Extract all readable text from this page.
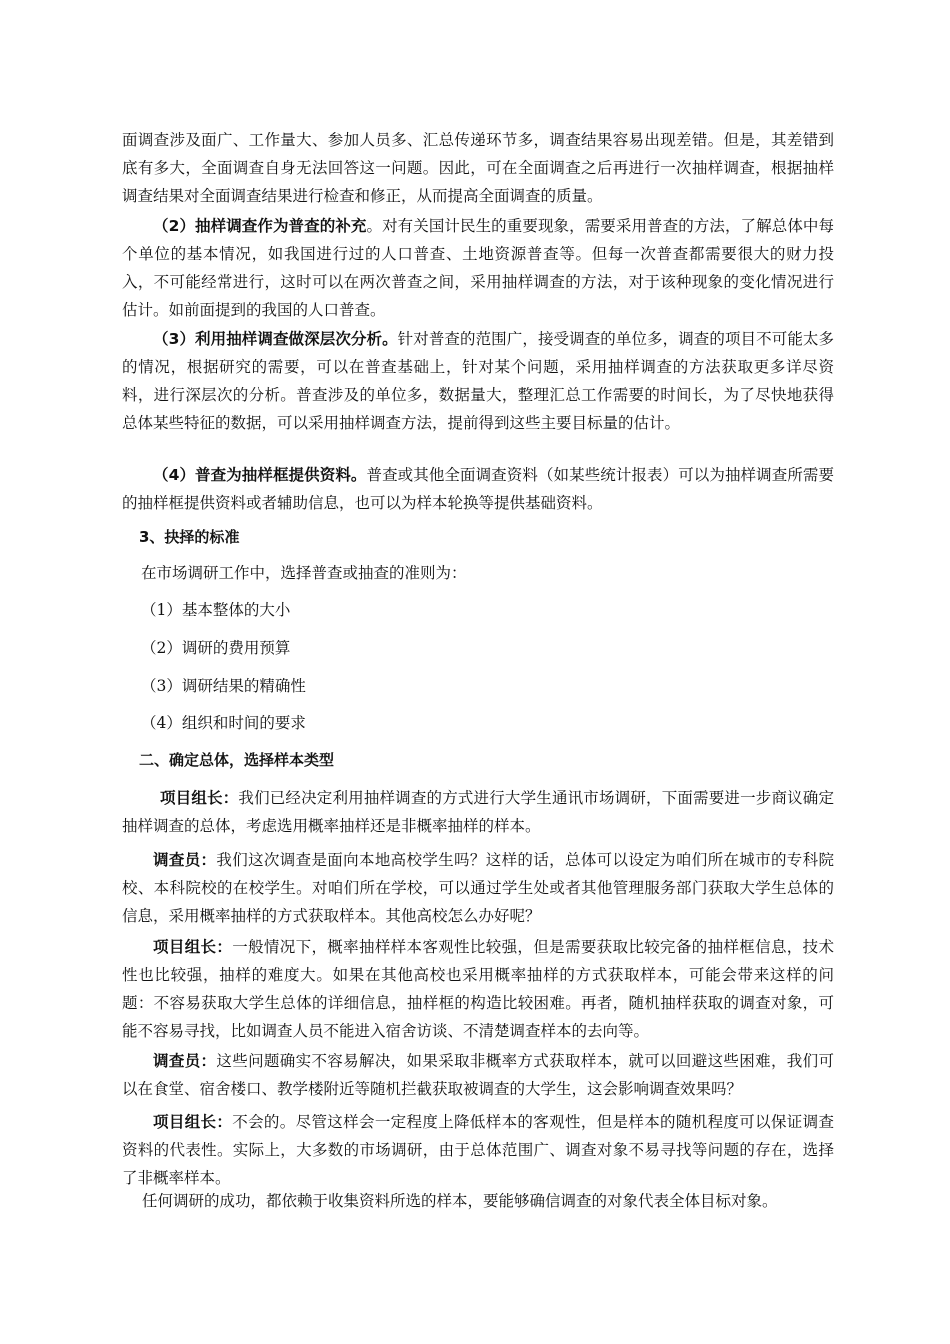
面调查涉及面广、工作量大、参加人员多、汇总传递环节多，调查结果容易出现差错。但是，其差错到底有多大，全面调查自身无法回答这一问题。因此，可在全面调查之后再进行一次抽样调查，根据抽样调查结果对全面调查结果进行检查和修正，从而提高全面调查的质量。

（2）抽样调查作为普查的补充。对有关国计民生的重要现象，需要采用普查的方法，了解总体中每个单位的基本情况，如我国进行过的人口普查、土地资源普查等。但每一次普查都需要很大的财力投入，不可能经常进行，这时可以在两次普查之间，采用抽样调查的方法，对于该种现象的变化情况进行估计。如前面提到的我国的人口普查。

（3）利用抽样调查做深层次分析。针对普查的范围广，接受调查的单位多，调查的项目不可能太多的情况，根据研究的需要，可以在普查基础上，针对某个问题，采用抽样调查的方法获取更多详尽资料，进行深层次的分析。普查涉及的单位多，数据量大，整理汇总工作需要的时间长，为了尽快地获得总体某些特征的数据，可以采用抽样调查方法，提前得到这些主要目标量的估计。

（4）普查为抽样框提供资料。普查或其他全面调查资料（如某些统计报表）可以为抽样调查所需要的抽样框提供资料或者辅助信息，也可以为样本轮换等提供基础资料。

3、抉择的标准

在市场调研工作中，选择普查或抽查的准则为：

（1）基本整体的大小

（2）调研的费用预算

（3）调研结果的精确性

（4）组织和时间的要求

二、确定总体，选择样本类型

项目组长：我们已经决定利用抽样调查的方式进行大学生通讯市场调研，下面需要进一步商议确定抽样调查的总体，考虑选用概率抽样还是非概率抽样的样本。

调查员：我们这次调查是面向本地高校学生吗？这样的话，总体可以设定为咱们所在城市的专科院校、本科院校的在校学生。对咱们所在学校，可以通过学生处或者其他管理服务部门获取大学生总体的信息，采用概率抽样的方式获取样本。其他高校怎么办好呢？

项目组长：一般情况下，概率抽样样本客观性比较强，但是需要获取比较完备的抽样框信息，技术性也比较强，抽样的难度大。如果在其他高校也采用概率抽样的方式获取样本，可能会带来这样的问题：不容易获取大学生总体的详细信息，抽样框的构造比较困难。再者，随机抽样获取的调查对象，可能不容易寻找，比如调查人员不能进入宿舍访谈、不清楚调查样本的去向等。

调查员：这些问题确实不容易解决，如果采取非概率方式获取样本，就可以回避这些困难，我们可以在食堂、宿舍楼口、教学楼附近等随机拦截获取被调查的大学生，这会影响调查效果吗？

项目组长：不会的。尽管这样会一定程度上降低样本的客观性，但是样本的随机程度可以保证调查资料的代表性。实际上，大多数的市场调研，由于总体范围广、调查对象不易寻找等问题的存在，选择了非概率样本。

任何调研的成功，都依赖于收集资料所选的样本，要能够确信调查的对象代表全体目标对象。
